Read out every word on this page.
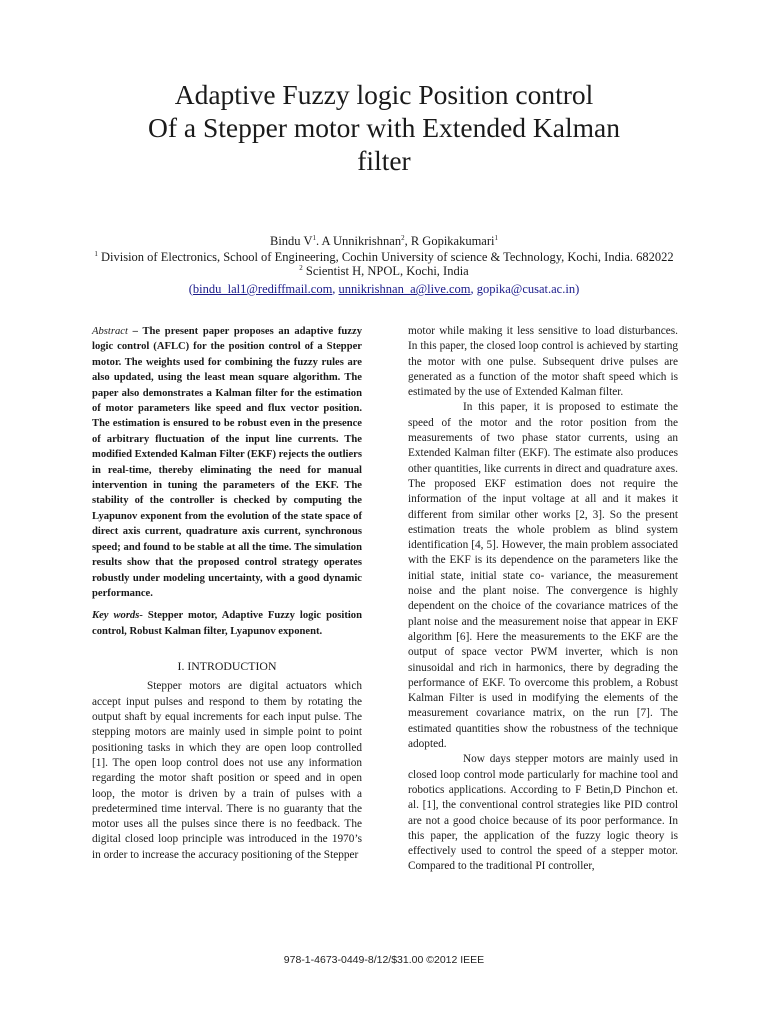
Adaptive Fuzzy logic Position control
Of a Stepper motor with Extended Kalman
filter
Bindu $V^1$. A Unnikrishnan$^2$, R Gopikakumari$^1$
$^1$ Division of Electronics, School of Engineering, Cochin University of science & Technology, Kochi, India. 682022
$^2$ Scientist H, NPOL, Kochi, India
(bindu_lal1@rediffmail.com, unnikrishnan_a@live.com, gopika@cusat.ac.in)

Abstract – The present paper proposes an adaptive fuzzy logic control (AFLC) for the position control of a Stepper motor. The weights used for combining the fuzzy rules are also updated, using the least mean square algorithm. The paper also demonstrates a Kalman filter for the estimation of motor parameters like speed and flux vector position. The estimation is ensured to be robust even in the presence of arbitrary fluctuation of the input line currents. The modified Extended Kalman Filter (EKF) rejects the outliers in real-time, thereby eliminating the need for manual intervention in tuning the parameters of the EKF. The stability of the controller is checked by computing the Lyapunov exponent from the evolution of the state space of direct axis current, quadrature axis current, synchronous speed; and found to be stable at all the time. The simulation results show that the proposed control strategy operates robustly under modeling uncertainty, with a good dynamic performance.

Key words- Stepper motor, Adaptive Fuzzy logic position control, Robust Kalman filter, Lyapunov exponent.

I. INTRODUCTION

Stepper motors are digital actuators which accept input pulses and respond to them by rotating the output shaft by equal increments for each input pulse. The stepping motors are mainly used in simple point to point positioning tasks in which they are open loop controlled [1]. The open loop control does not use any information regarding the motor shaft position or speed and in open loop, the motor is driven by a train of pulses with a predetermined time interval. There is no guaranty that the motor uses all the pulses since there is no feedback. The digital closed loop principle was introduced in the 1970’s in order to increase the accuracy positioning of the Stepper

motor while making it less sensitive to load disturbances. In this paper, the closed loop control is achieved by starting the motor with one pulse. Subsequent drive pulses are generated as a function of the motor shaft speed which is estimated by the use of Extended Kalman filter.

In this paper, it is proposed to estimate the speed of the motor and the rotor position from the measurements of two phase stator currents, using an Extended Kalman filter (EKF). The estimate also produces other quantities, like currents in direct and quadrature axes. The proposed EKF estimation does not require the information of the input voltage at all and it makes it different from similar other works [2, 3]. So the present estimation treats the whole problem as blind system identification [4, 5]. However, the main problem associated with the EKF is its dependence on the parameters like the initial state, initial state co- variance, the measurement noise and the plant noise. The convergence is highly dependent on the choice of the covariance matrices of the plant noise and the measurement noise that appear in EKF algorithm [6]. Here the measurements to the EKF are the output of space vector PWM inverter, which is non sinusoidal and rich in harmonics, there by degrading the performance of EKF. To overcome this problem, a Robust Kalman Filter is used in modifying the elements of the measurement covariance matrix, on the run [7]. The estimated quantities show the robustness of the technique adopted.

Now days stepper motors are mainly used in closed loop control mode particularly for machine tool and robotics applications. According to F Betin,D Pinchon et. al. [1], the conventional control strategies like PID control are not a good choice because of its poor performance. In this paper, the application of the fuzzy logic theory is effectively used to control the speed of a stepper motor. Compared to the traditional PI controller,

978-1-4673-0449-8/12/$31.00 ©2012 IEEE
